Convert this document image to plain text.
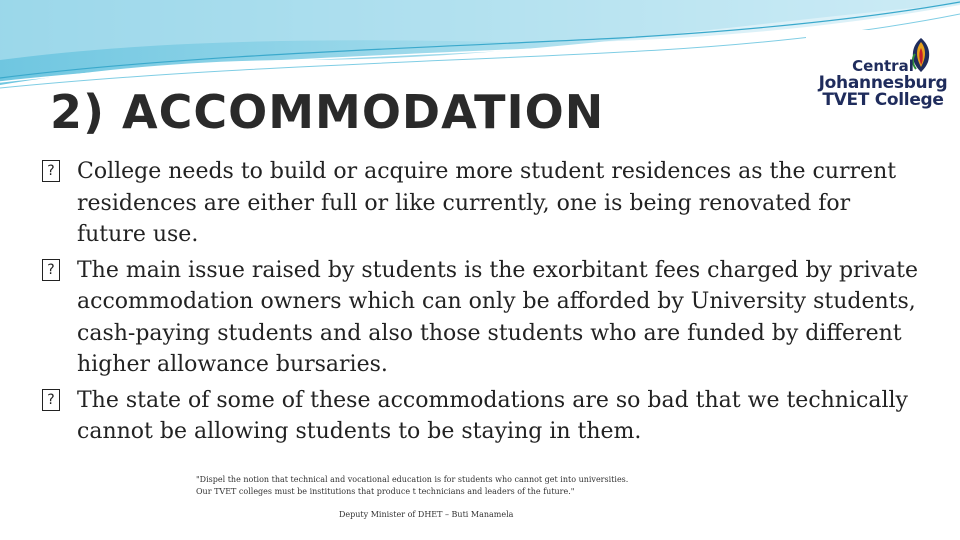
Central
Johannesburg
TVET College
2) ACCOMMODATION
? College needs to build or acquire more student residences as the current residences are either full or like currently, one is being renovated for future use.
? The main issue raised by students is the exorbitant fees charged by private accommodation owners which can only be afforded by University students, cash-paying students and also those students who are funded by different higher allowance bursaries.
? The state of some of these accommodations are so bad that we technically cannot be allowing students to be staying in them.
"Dispel the notion that technical and vocational education is for students who cannot get into universities.
Our TVET colleges must be institutions that produce t technicians and leaders of the future."
Deputy Minister of DHET – Buti Manamela
